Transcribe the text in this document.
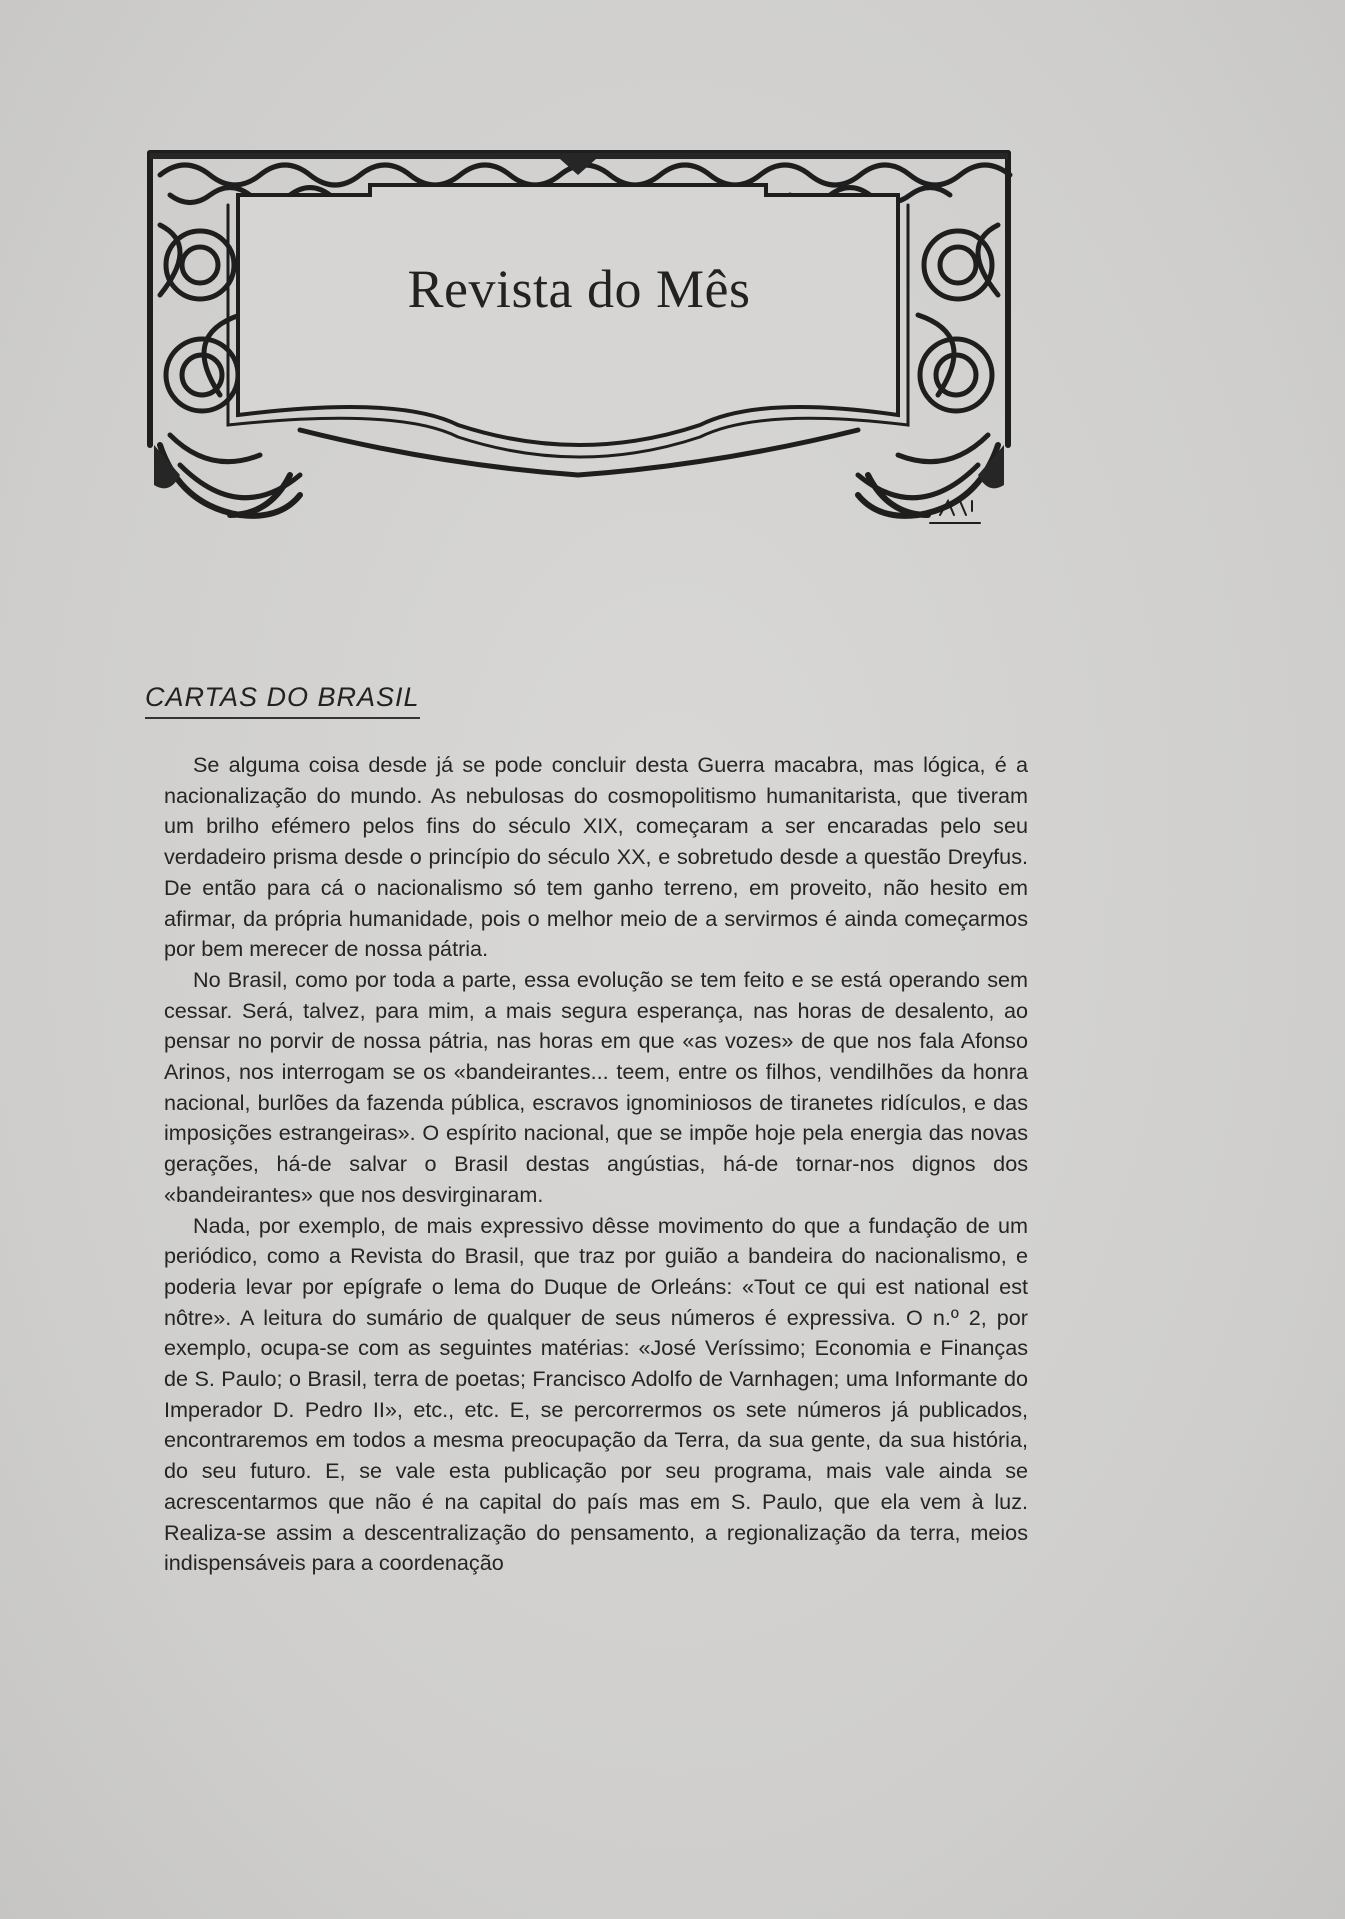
Revista do Mês
CARTAS DO BRASIL

Se alguma coisa desde já se pode concluir desta Guerra macabra, mas lógica, é a nacionalização do mundo. As nebulosas do cosmopolitismo humanitarista, que tiveram um brilho efémero pelos fins do século XIX, começaram a ser encaradas pelo seu verdadeiro prisma desde o princípio do século XX, e sobretudo desde a questão Dreyfus. De então para cá o nacionalismo só tem ganho terreno, em proveito, não hesito em afirmar, da própria humanidade, pois o melhor meio de a servirmos é ainda começarmos por bem merecer de nossa pátria.

No Brasil, como por toda a parte, essa evolução se tem feito e se está operando sem cessar. Será, talvez, para mim, a mais segura esperança, nas horas de desalento, ao pensar no porvir de nossa pátria, nas horas em que «as vozes» de que nos fala Afonso Arinos, nos interrogam se os «bandeirantes... teem, entre os filhos, vendilhões da honra nacional, burlões da fazenda pública, escravos ignominiosos de tiranetes ridículos, e das imposições estrangeiras». O espírito nacional, que se impõe hoje pela energia das novas gerações, há-de salvar o Brasil destas angústias, há-de tornar-nos dignos dos «bandeirantes» que nos desvirginaram.

Nada, por exemplo, de mais expressivo dêsse movimento do que a fundação de um periódico, como a Revista do Brasil, que traz por guião a bandeira do nacionalismo, e poderia levar por epígrafe o lema do Duque de Orleáns: «Tout ce qui est national est nôtre». A leitura do sumário de qualquer de seus números é expressiva. O n.º 2, por exemplo, ocupa-se com as seguintes matérias: «José Veríssimo; Economia e Finanças de S. Paulo; o Brasil, terra de poetas; Francisco Adolfo de Varnhagen; uma Informante do Imperador D. Pedro II», etc., etc. E, se percorrermos os sete números já publicados, encontraremos em todos a mesma preocupação da Terra, da sua gente, da sua história, do seu futuro. E, se vale esta publicação por seu programa, mais vale ainda se acrescentarmos que não é na capital do país mas em S. Paulo, que ela vem à luz. Realiza-se assim a descentralização do pensamento, a regionalização da terra, meios indispensáveis para a coordenação
